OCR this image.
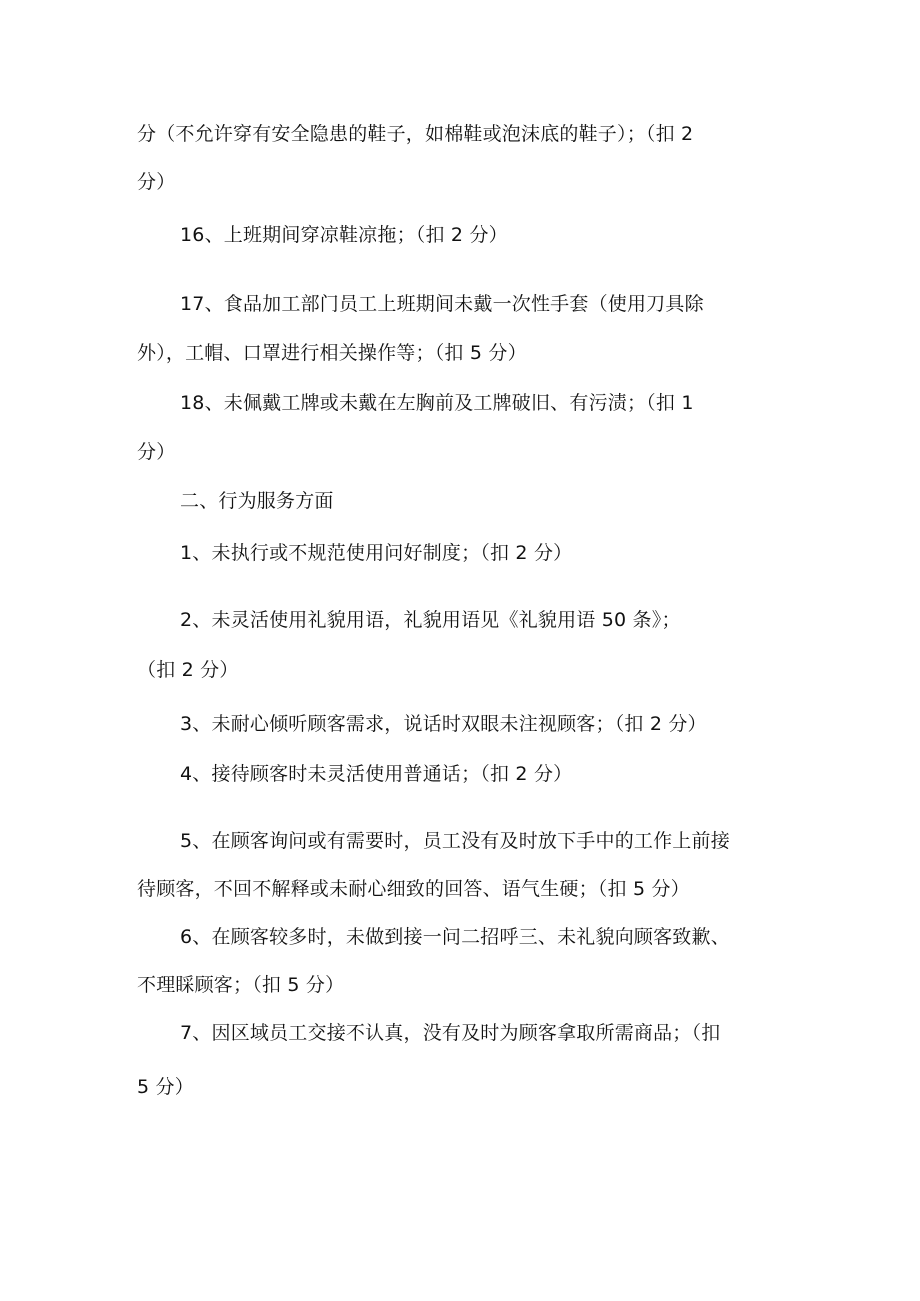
分（不允许穿有安全隐患的鞋子，如棉鞋或泡沫底的鞋子）；（扣 2

分）

16、上班期间穿凉鞋凉拖；（扣 2 分）

17、食品加工部门员工上班期间未戴一次性手套（使用刀具除

外），工帽、口罩进行相关操作等；（扣 5 分）

18、未佩戴工牌或未戴在左胸前及工牌破旧、有污渍；（扣 1

分）

二、行为服务方面

1、未执行或不规范使用问好制度；（扣 2 分）

2、未灵活使用礼貌用语，礼貌用语见《礼貌用语 50 条》；

（扣 2 分）

3、未耐心倾听顾客需求，说话时双眼未注视顾客；（扣 2 分）

4、接待顾客时未灵活使用普通话；（扣 2 分）

5、在顾客询问或有需要时，员工没有及时放下手中的工作上前接

待顾客，不回不解释或未耐心细致的回答、语气生硬；（扣 5 分）

6、在顾客较多时，未做到接一问二招呼三、未礼貌向顾客致歉、

不理睬顾客；（扣 5 分）

7、因区域员工交接不认真，没有及时为顾客拿取所需商品；（扣

5 分）
